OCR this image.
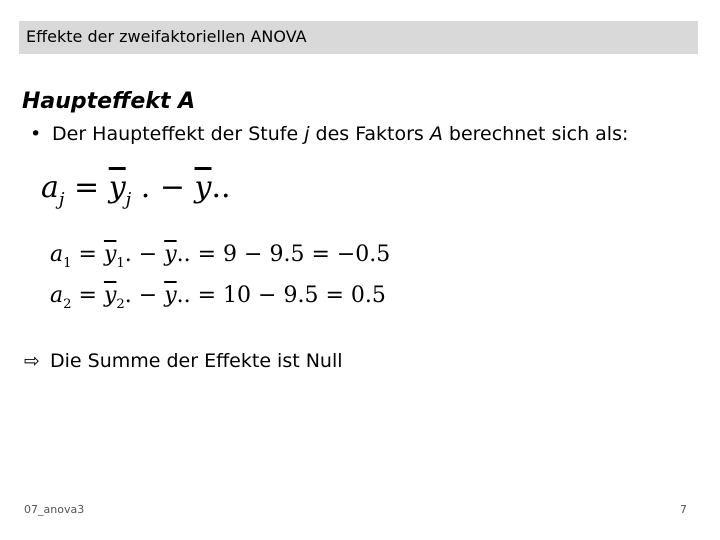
Effekte der zweifaktoriellen ANOVA
Haupteffekt A
• Der Haupteffekt der Stufe j des Faktors A berechnet sich als:
$a_j = \overline{y}_j$ . − $\overline{y}$..
$a_1 = \overline{y}_1$. − $\overline{y}$.. = 9 − 9.5 = −0.5
$a_2 = \overline{y}_2$. − $\overline{y}$.. = 10 − 9.5 = 0.5
⇨ Die Summe der Effekte ist Null
07_anova3	7
